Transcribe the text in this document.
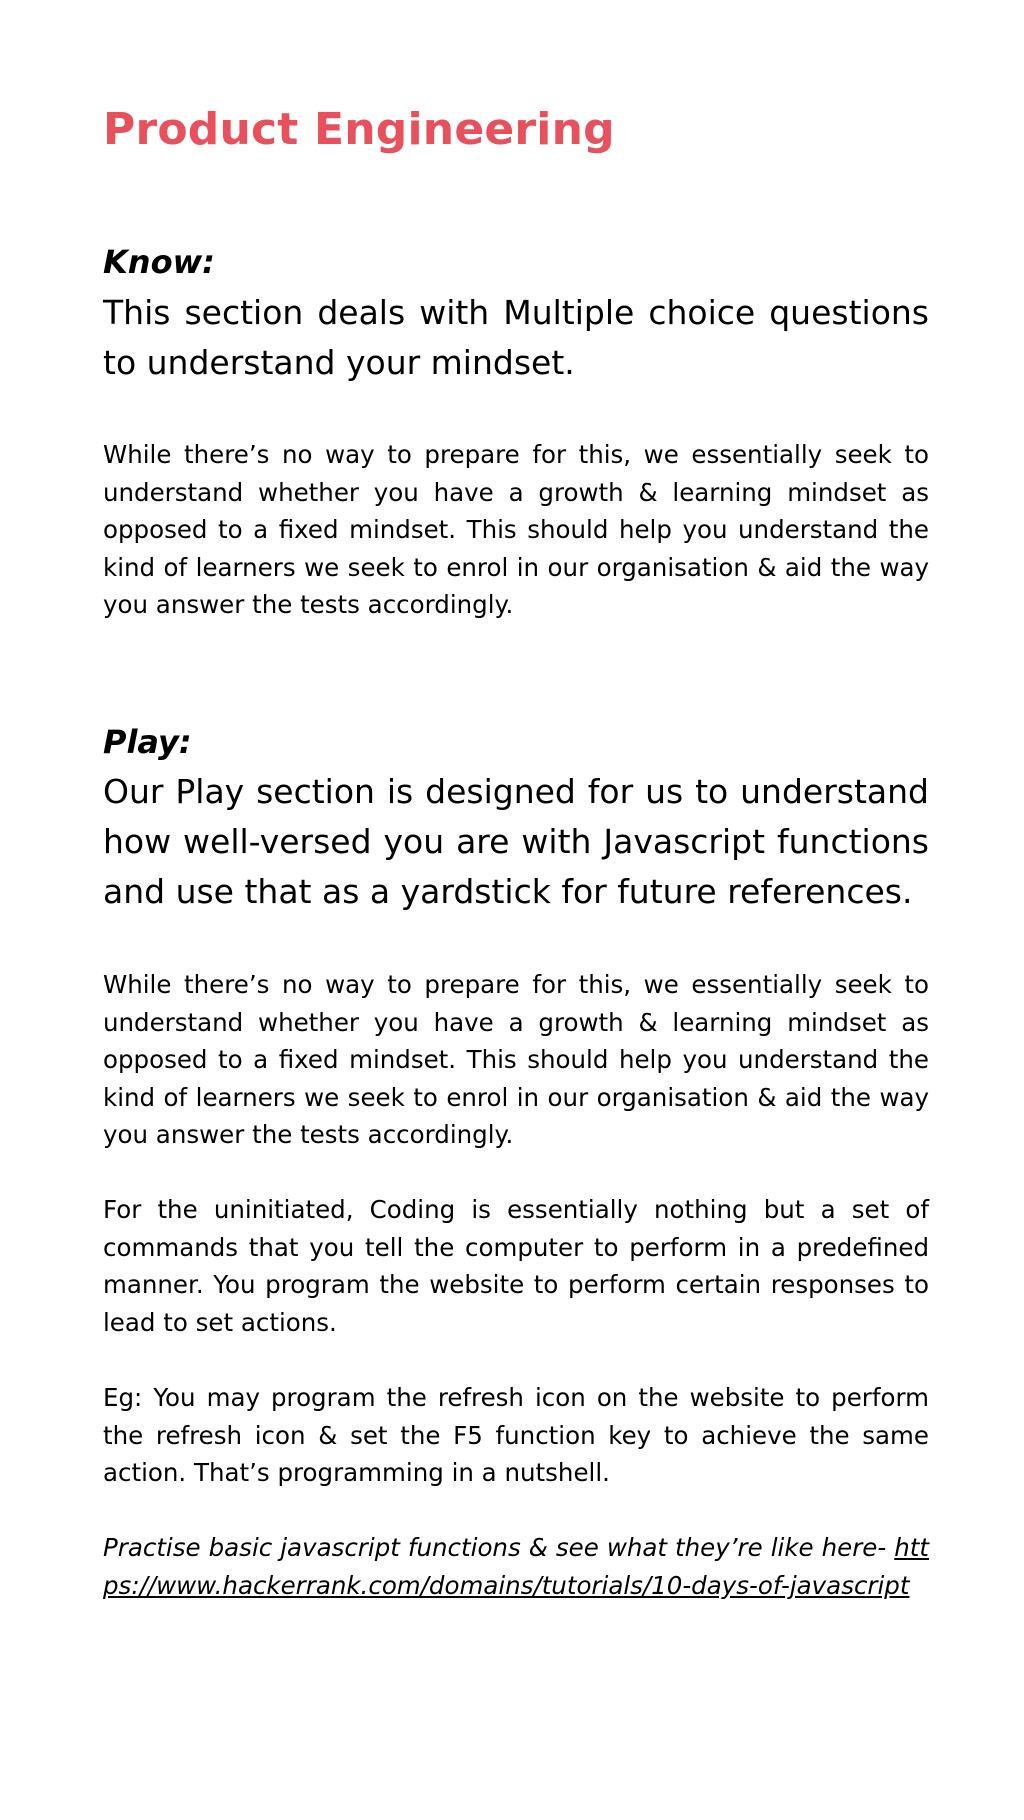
Product Engineering
Know:

This section deals with Multiple choice questions to understand your mindset.

While there’s no way to prepare for this, we essentially seek to understand whether you have a growth & learning mindset as opposed to a fixed mindset. This should help you understand the kind of learners we seek to enrol in our organisation & aid the way you answer the tests accordingly.

Play:

Our Play section is designed for us to understand how well-versed you are with Javascript functions and use that as a yardstick for future references.

While there’s no way to prepare for this, we essentially seek to understand whether you have a growth & learning mindset as opposed to a fixed mindset. This should help you understand the kind of learners we seek to enrol in our organisation & aid the way you answer the tests accordingly.

For the uninitiated, Coding is essentially nothing but a set of commands that you tell the computer to perform in a predefined manner. You program the website to perform certain responses to lead to set actions.

Eg: You may program the refresh icon on the website to perform the refresh icon & set the F5 function key to achieve the same action. That’s programming in a nutshell.

Practise basic javascript functions & see what they’re like here- https://www.hackerrank.com/domains/tutorials/10-days-of-javascript
